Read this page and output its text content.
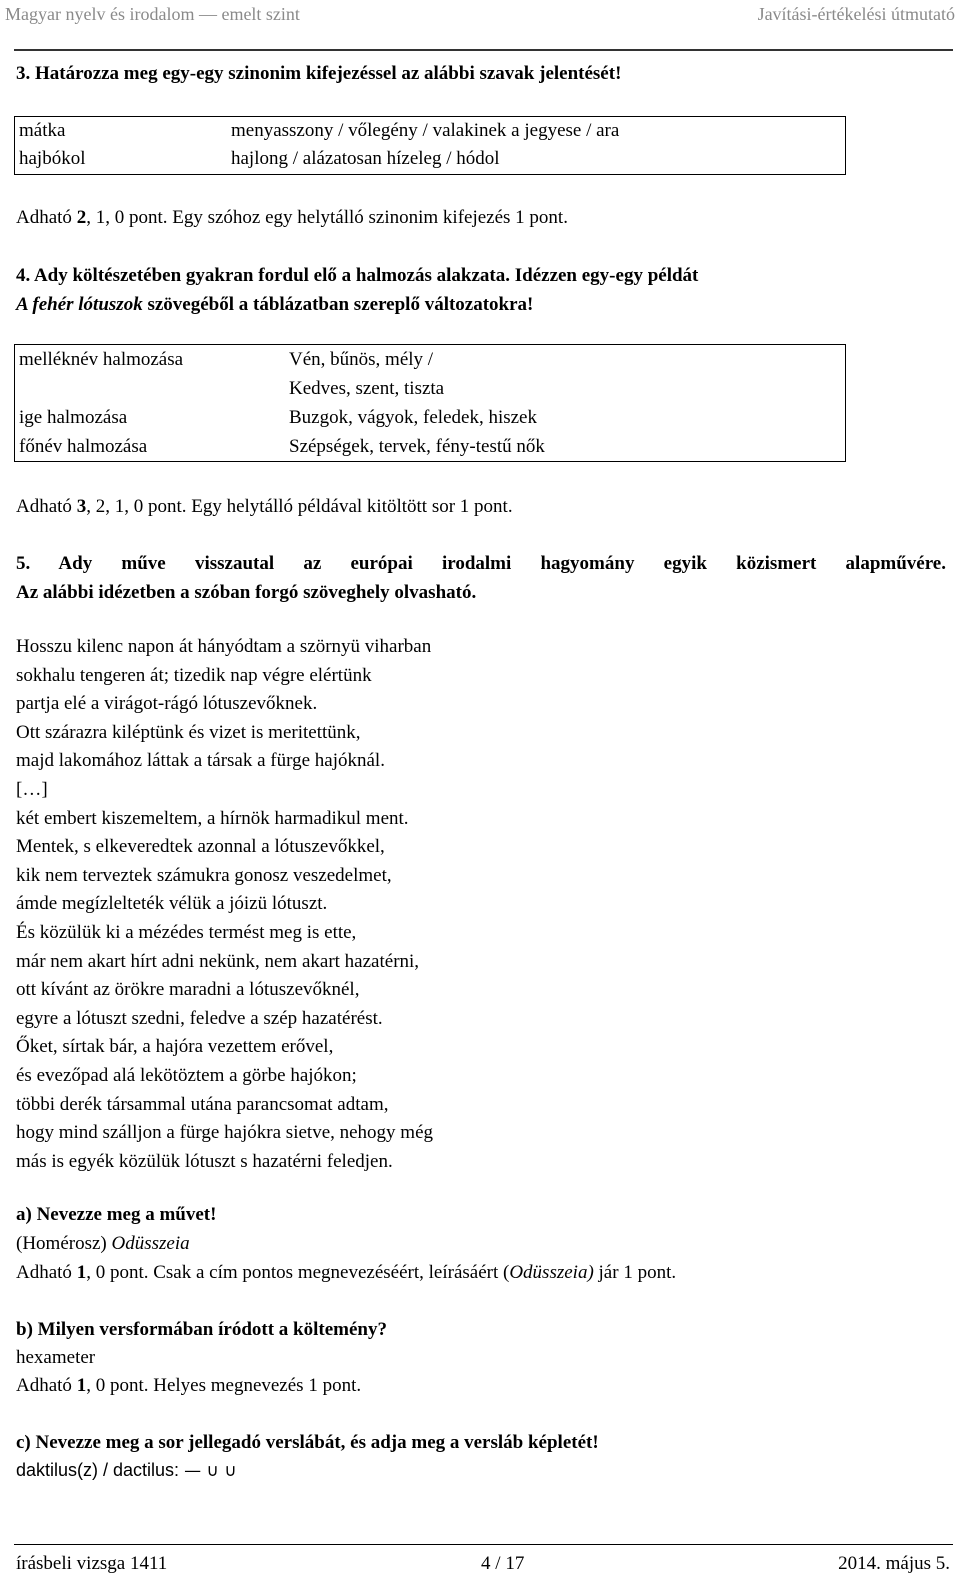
Magyar nyelv és irodalom — emelt szint	Javítási-értékelési útmutató
3. Határozza meg egy-egy szinonim kifejezéssel az alábbi szavak jelentését!
mátka	menyasszony / vőlegény / valakinek a jegyese / ara
hajbókol	hajlong / alázatosan hízeleg / hódol
Adható 2, 1, 0 pont. Egy szóhoz egy helytálló szinonim kifejezés 1 pont.
4. Ady költészetében gyakran fordul elő a halmozás alakzata. Idézzen egy-egy példát
A fehér lótuszok szövegéből a táblázatban szereplő változatokra!
melléknév halmozása	Vén, bűnös, mély /
Kedves, szent, tiszta
ige halmozása	Buzgok, vágyok, feledek, hiszek
főnév halmozása	Szépségek, tervek, fény-testű nők
Adható 3, 2, 1, 0 pont. Egy helytálló példával kitöltött sor 1 pont.
5. Ady műve visszautal az európai irodalmi hagyomány egyik közismert alapművére.
Az alábbi idézetben a szóban forgó szöveghely olvasható.
Hosszu kilenc napon át hányódtam a szörnyü viharban
sokhalu tengeren át; tizedik nap végre elértünk
partja elé a virágot-rágó lótuszevőknek.
Ott szárazra kiléptünk és vizet is meritettünk,
majd lakomához láttak a társak a fürge hajóknál.
[…]
két embert kiszemeltem, a hírnök harmadikul ment.
Mentek, s elkeveredtek azonnal a lótuszevőkkel,
kik nem terveztek számukra gonosz veszedelmet,
ámde megízlelteték vélük a jóizü lótuszt.
És közülük ki a mézédes termést meg is ette,
már nem akart hírt adni nekünk, nem akart hazatérni,
ott kívánt az örökre maradni a lótuszevőknél,
egyre a lótuszt szedni, feledve a szép hazatérést.
Őket, sírtak bár, a hajóra vezettem erővel,
és evezőpad alá lekötöztem a görbe hajókon;
többi derék társammal utána parancsomat adtam,
hogy mind szálljon a fürge hajókra sietve, nehogy még
más is egyék közülük lótuszt s hazatérni feledjen.
a) Nevezze meg a művet!
(Homérosz) Odüsszeia
Adható 1, 0 pont. Csak a cím pontos megnevezéséért, leírásáért (Odüsszeia) jár 1 pont.
b) Milyen versformában íródott a költemény?
hexameter
Adható 1, 0 pont. Helyes megnevezés 1 pont.
c) Nevezze meg a sor jellegadó verslábát, és adja meg a versláb képletét!
daktilus(z) / dactilus: — ∪ ∪
írásbeli vizsga 1411	4 / 17	2014. május 5.
